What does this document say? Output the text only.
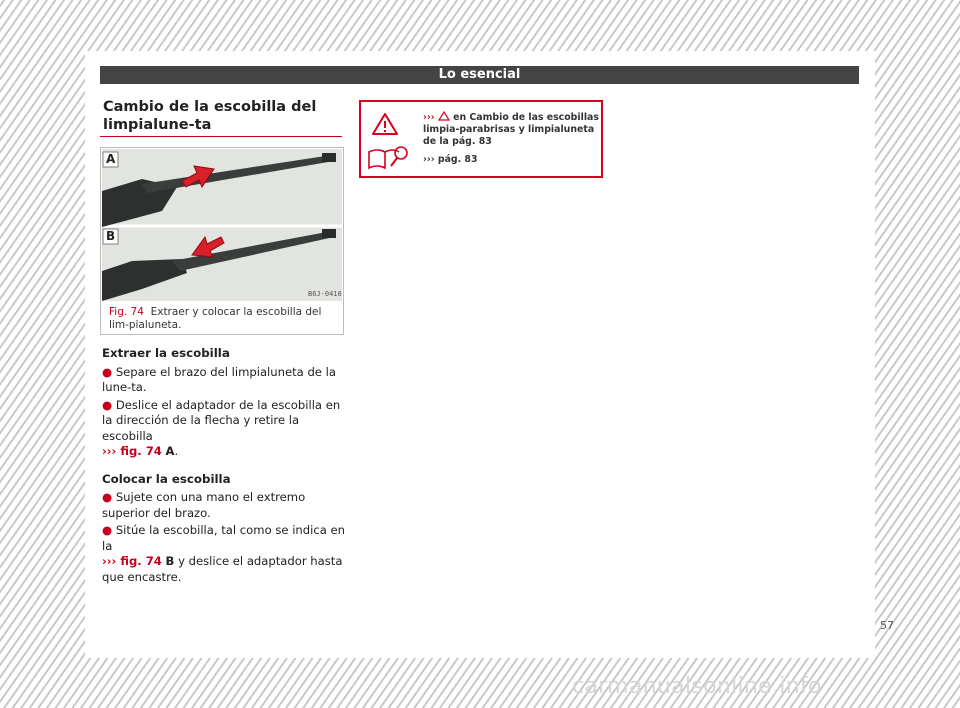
Lo esencial
Cambio de la escobilla del limpialune-ta
A
B
B6J-0410
Fig. 74 Extraer y colocar la escobilla del lim-pialuneta.
Extraer la escobilla
● Separe el brazo del limpialuneta de la lune-ta.
● Deslice el adaptador de la escobilla en la dirección de la flecha y retire la escobilla
››› fig. 74 A.
Colocar la escobilla
● Sujete con una mano el extremo superior del brazo.
● Sitúe la escobilla, tal como se indica en la
››› fig. 74 B y deslice el adaptador hasta que encastre.
››› en Cambio de las escobillas limpia-parabrisas y limpialuneta de la pág. 83
››› pág. 83
57
carmanualsonline.info
